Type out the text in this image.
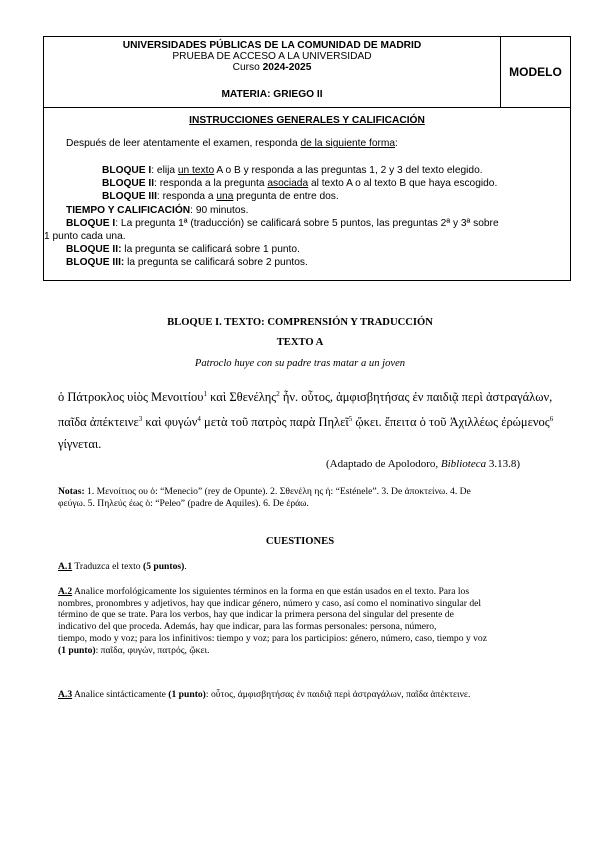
UNIVERSIDADES PÚBLICAS DE LA COMUNIDAD DE MADRID
PRUEBA DE ACCESO A LA UNIVERSIDAD
Curso 2024-2025
MATERIA: GRIEGO II
MODELO
INSTRUCCIONES GENERALES Y CALIFICACIÓN
Después de leer atentamente el examen, responda de la siguiente forma:
BLOQUE I: elija un texto A o B y responda a las preguntas 1, 2 y 3 del texto elegido.
BLOQUE II: responda a la pregunta asociada al texto A o al texto B que haya escogido.
BLOQUE III: responda a una pregunta de entre dos.
TIEMPO Y CALIFICACIÓN: 90 minutos.
BLOQUE I: La pregunta 1ª (traducción) se calificará sobre 5 puntos, las preguntas 2ª y 3ª sobre
1 punto cada una.
BLOQUE II: la pregunta se calificará sobre 1 punto.
BLOQUE III: la pregunta se calificará sobre 2 puntos.
BLOQUE I. TEXTO: COMPRENSIÓN Y TRADUCCIÓN
TEXTO A
Patroclo huye con su padre tras matar a un joven
ὁ Πάτροκλος υἱὸς Μενοιτίου$^1$ καὶ Σθενέλης$^2$ ἦν. οὗτος, ἀμφισβητήσας ἐν παιδιᾷ περὶ ἀστραγάλων,
παῖδα ἀπέκτεινε$^3$ καὶ φυγών$^4$ μετὰ τοῦ πατρὸς παρὰ Πηλεῖ$^5$ ᾤκει. ἔπειτα ὁ τοῦ Ἀχιλλέως ἐρώμενος$^6$
γίγνεται.
(Adaptado de Apolodoro, Biblioteca 3.13.8)
Notas: 1. Μενοίτιος ου ὁ: “Menecio” (rey de Opunte). 2. Σθενέλη ης ἡ: “Esténele”. 3. De ἀποκτείνω. 4. De
φεύγω. 5. Πηλεύς έως ὁ: “Peleo” (padre de Aquiles). 6. De ἐράω.
CUESTIONES
A.1 Traduzca el texto (5 puntos).
A.2 Analice morfológicamente los siguientes términos en la forma en que están usados en el texto. Para los
nombres, pronombres y adjetivos, hay que indicar género, número y caso, así como el nominativo singular del
término de que se trate. Para los verbos, hay que indicar la primera persona del singular del presente de
indicativo del que proceda. Además, hay que indicar, para las formas personales: persona, número,
tiempo, modo y voz; para los infinitivos: tiempo y voz; para los participios: género, número, caso, tiempo y voz
(1 punto): παῖδα, φυγών, πατρός, ᾤκει.
A.3 Analice sintácticamente (1 punto): οὗτος, ἀμφισβητήσας ἐν παιδιᾷ περὶ ἀστραγάλων, παῖδα ἀπέκτεινε.
